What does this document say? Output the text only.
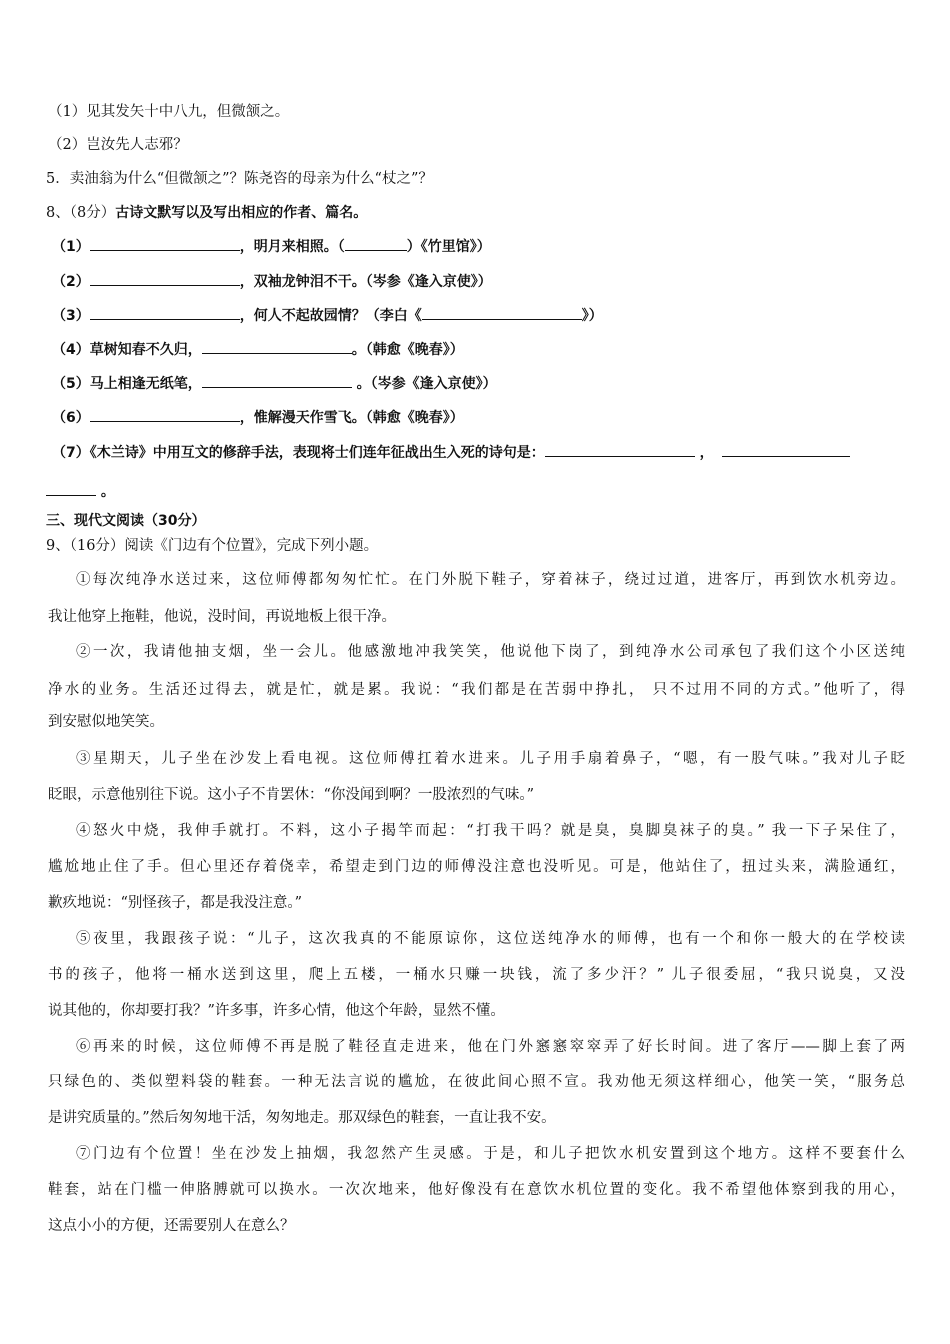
（1）见其发矢十中八九，但微颔之。
（2）岂汝先人志邪？
5．卖油翁为什么“但微颔之”？陈尧咨的母亲为什么“杖之”？
8、（8分）古诗文默写以及写出相应的作者、篇名。
（1）	，明月来相照。（	）《竹里馆》）
（2）	，双袖龙钟泪不干。（岑参《逢入京使》）
（3）	，何人不起故园情？（李白《	》）
（4）草树知春不久归，	。（韩愈《晚春》）
（5）马上相逢无纸笔，	。（岑参《逢入京使》）
（6）	，惟解漫天作雪飞。（韩愈《晚春》）
（7）《木兰诗》中用互文的修辞手法，表现将士们连年征战出生入死的诗句是：	，
。
三、现代文阅读（30分）
9、（16分）阅读《门边有个位置》，完成下列小题。
①每次纯净水送过来，这位师傅都匆匆忙忙。在门外脱下鞋子，穿着袜子，绕过过道，进客厅，再到饮水机旁边。
我让他穿上拖鞋，他说，没时间，再说地板上很干净。
②一次，我请他抽支烟，坐一会儿。他感激地冲我笑笑，他说他下岗了，到纯净水公司承包了我们这个小区送纯
净水的业务。生活还过得去，就是忙，就是累。我说：“我们都是在苦弱中挣扎， 只不过用不同的方式。”他听了，得
到安慰似地笑笑。
③星期天，儿子坐在沙发上看电视。这位师傅扛着水进来。儿子用手扇着鼻子，“嗯，有一股气味。”我对儿子眨
眨眼，示意他别往下说。这小子不肯罢休：“你没闻到啊？一股浓烈的气味。”
④怒火中烧，我伸手就打。不料，这小子揭竿而起：“打我干吗？就是臭，臭脚臭袜子的臭。” 我一下子呆住了，
尴尬地止住了手。但心里还存着侥幸，希望走到门边的师傅没注意也没听见。可是，他站住了，扭过头来，满脸通红，
歉疚地说：“别怪孩子，都是我没注意。”
⑤夜里，我跟孩子说：“儿子，这次我真的不能原谅你，这位送纯净水的师傅，也有一个和你一般大的在学校读
书的孩子，他将一桶水送到这里，爬上五楼，一桶水只赚一块钱，流了多少汗？” 儿子很委屈，“我只说臭，又没
说其他的，你却要打我？”许多事，许多心情，他这个年龄，显然不懂。
⑥再来的时候，这位师傅不再是脱了鞋径直走进来，他在门外窸窸窣窣弄了好长时间。进了客厅——脚上套了两
只绿色的、类似塑料袋的鞋套。一种无法言说的尴尬，在彼此间心照不宣。我劝他无须这样细心，他笑一笑，“服务总
是讲究质量的。”然后匆匆地干活，匆匆地走。那双绿色的鞋套，一直让我不安。
⑦门边有个位置！坐在沙发上抽烟，我忽然产生灵感。于是，和儿子把饮水机安置到这个地方。这样不要套什么
鞋套，站在门槛一伸胳膊就可以换水。一次次地来，他好像没有在意饮水机位置的变化。我不希望他体察到我的用心，
这点小小的方便，还需要别人在意么？
